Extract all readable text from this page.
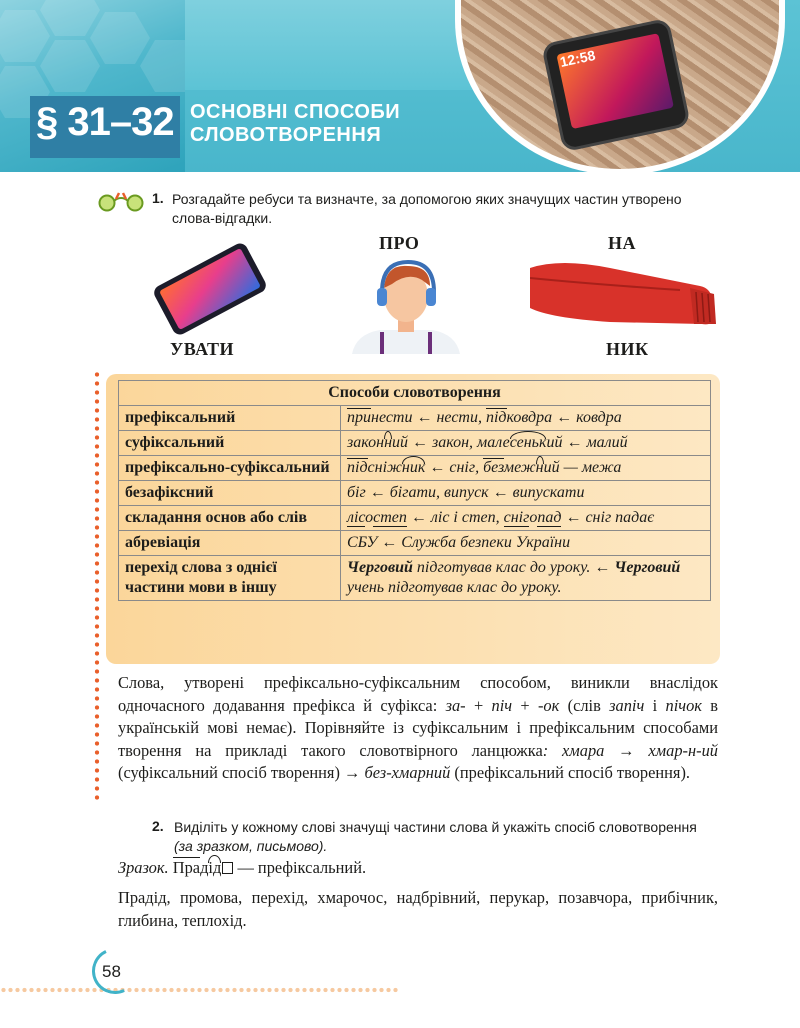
§ 31–32 ОСНОВНІ СПОСОБИ
СЛОВОТВОРЕННЯ
12:58
1. Розгадайте ребуси та визначте, за допомогою яких значущих частин утворено слова-відгадки.
ПРО	НА
УВАТИ	НИК
Способи словотворення	
префіксальний	принести ← нести, підковдра ← ковдра
суфіксальний	законний ← закон, малесенький ← малий
префіксально-суфіксальний	підсніжник ← сніг, безмежний — межа
безафіксний	біг ← бігати, випуск ← випускати
складання основ або слів	лісостеп ← ліс і степ, снігопад ← сніг падає
абревіація	СБУ ← Служба безпеки України
перехід слова з однієї частини мови в іншу	Черговий підготував клас до уроку. ← Черговий учень підготував клас до уроку.
Слова, утворені префіксально-суфіксальним способом, виникли внаслідок одночасного додавання префікса й суфікса: за- + піч + -ок (слів запіч і пічок в українській мові немає). Порівняйте із суфіксальним і префіксальним способами творення на прикладі такого словотвірного ланцюжка: хмара → хмар-н-ий (суфіксальний спосіб творення) → без-хмарний (префіксальний спосіб творення).
2. Виділіть у кожному слові значущі частини слова й укажіть спосіб словотворення (за зразком, письмово).
Зразок. Прадід — префіксальний.
Прадід, промова, перехід, хмарочос, надбрівний, перукар, позавчора, прибічник, глибина, теплохід.
58
